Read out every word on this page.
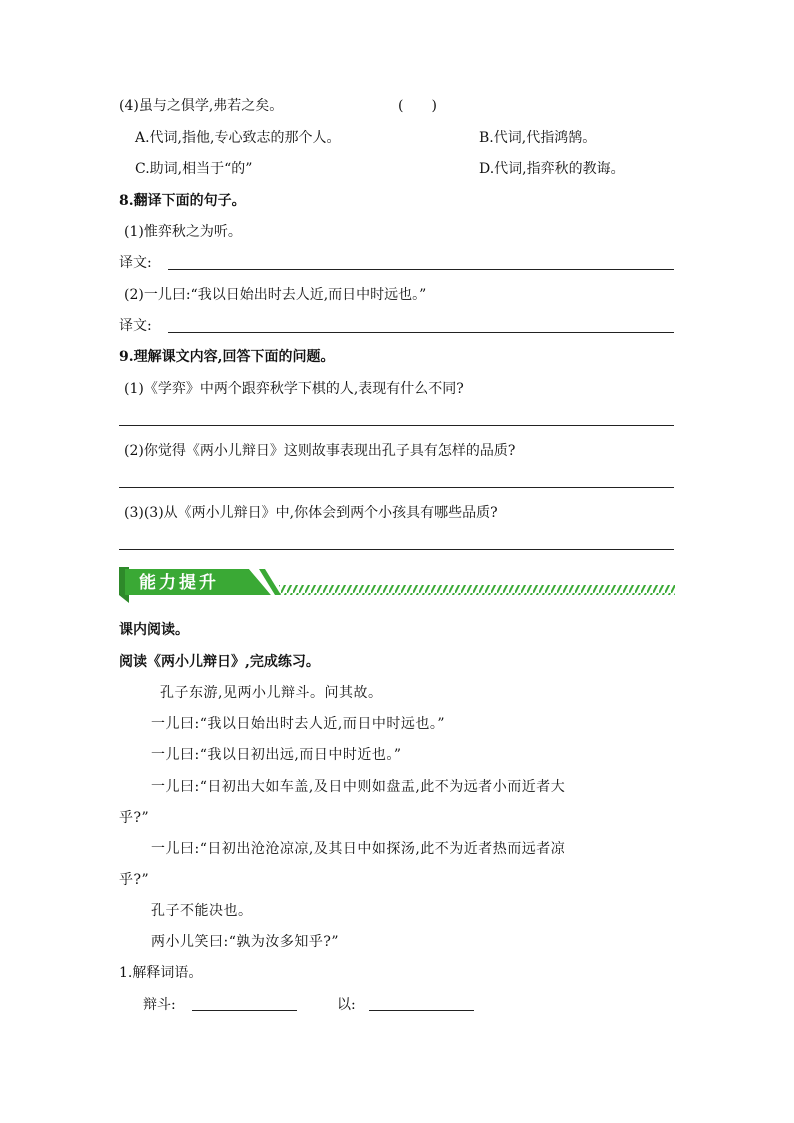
(4)虽与之俱学,弗若之矣。	(　　)
A.代词,指他,专心致志的那个人。	B.代词,代指鸿鹄。
C.助词,相当于“的”	D.代词,指弈秋的教诲。
8.翻译下面的句子。
(1)惟弈秋之为听。
译文:
(2)一儿曰:“我以日始出时去人近,而日中时远也。”
译文:
9.理解课文内容,回答下面的问题。
(1)《学弈》中两个跟弈秋学下棋的人,表现有什么不同?
(2)你觉得《两小儿辩日》这则故事表现出孔子具有怎样的品质?
(3)(3)从《两小儿辩日》中,你体会到两个小孩具有哪些品质?
能力提升
课内阅读。
阅读《两小儿辩日》,完成练习。
孔子东游,见两小儿辩斗。问其故。
一儿曰:“我以日始出时去人近,而日中时远也。”
一儿曰:“我以日初出远,而日中时近也。”
一儿曰:“日初出大如车盖,及日中则如盘盂,此不为远者小而近者大
乎?”
一儿曰:“日初出沧沧凉凉,及其日中如探汤,此不为近者热而远者凉
乎?”
孔子不能决也。
两小儿笑曰:“孰为汝多知乎?”
1.解释词语。
辩斗:	以:
